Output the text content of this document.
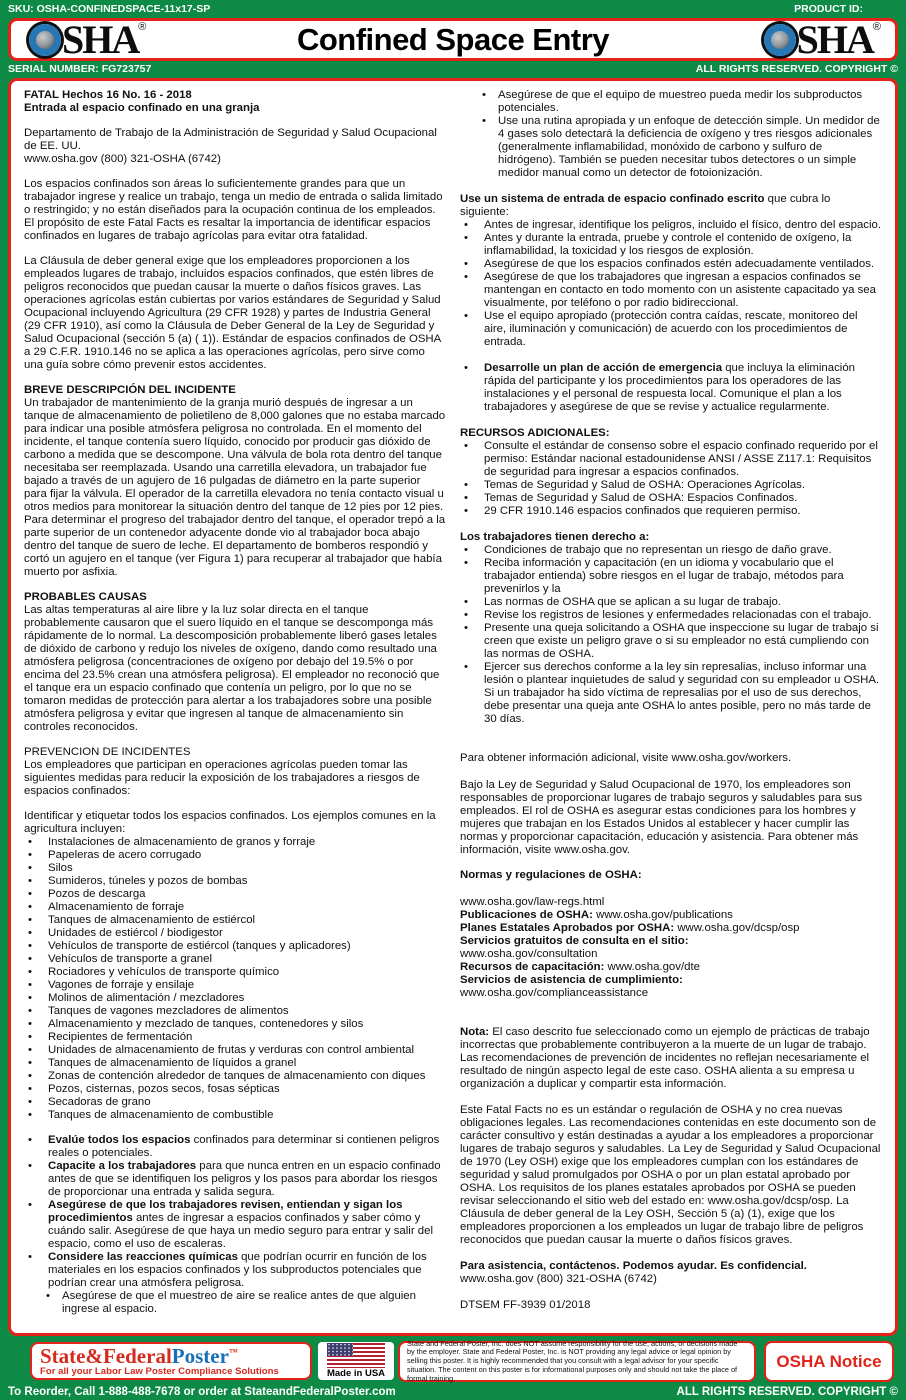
SKU: OSHA-CONFINEDSPACE-11x17-SP	PRODUCT ID:
SHA ®	Confined Space Entry	SHA ®
SERIAL NUMBER: FG723757	ALL RIGHTS RESERVED. COPYRIGHT ©
FATAL Hechos 16 No. 16 - 2018
Entrada al espacio confinado en una granja
Departamento de Trabajo de la Administración de Seguridad y Salud Ocupacional de EE. UU.
www.osha.gov (800) 321-OSHA (6742)
Los espacios confinados son áreas lo suficientemente grandes para que un trabajador ingrese y realice un trabajo, tenga un medio de entrada o salida limitado o restringido; y no están diseñados para la ocupación continua de los empleados. El propósito de este Fatal Facts es resaltar la importancia de identificar espacios confinados en lugares de trabajo agrícolas para evitar otra fatalidad.
La Cláusula de deber general exige que los empleadores proporcionen a los empleados lugares de trabajo, incluidos espacios confinados, que estén libres de peligros reconocidos que puedan causar la muerte o daños físicos graves. Las operaciones agrícolas están cubiertas por varios estándares de Seguridad y Salud Ocupacional incluyendo Agricultura (29 CFR 1928) y partes de Industria General (29 CFR 1910), así como la Cláusula de Deber General de la Ley de Seguridad y Salud Ocupacional (sección 5 (a) ( 1)). Estándar de espacios confinados de OSHA a 29 C.F.R. 1910.146 no se aplica a las operaciones agrícolas, pero sirve como una guía sobre cómo prevenir estos accidentes.
BREVE DESCRIPCIÓN DEL INCIDENTE
Un trabajador de mantenimiento de la granja murió después de ingresar a un tanque de almacenamiento de polietileno de 8,000 galones que no estaba marcado para indicar una posible atmósfera peligrosa no controlada. En el momento del incidente, el tanque contenía suero líquido, conocido por producir gas dióxido de carbono a medida que se descompone. Una válvula de bola rota dentro del tanque necesitaba ser reemplazada. Usando una carretilla elevadora, un trabajador fue bajado a través de un agujero de 16 pulgadas de diámetro en la parte superior para fijar la válvula. El operador de la carretilla elevadora no tenía contacto visual u otros medios para monitorear la situación dentro del tanque de 12 pies por 12 pies. Para determinar el progreso del trabajador dentro del tanque, el operador trepó a la parte superior de un contenedor adyacente donde vio al trabajador boca abajo dentro del tanque de suero de leche. El departamento de bomberos respondió y cortó un agujero en el tanque (ver Figura 1) para recuperar al trabajador que había muerto por asfixia.
PROBABLES CAUSAS
Las altas temperaturas al aire libre y la luz solar directa en el tanque probablemente causaron que el suero líquido en el tanque se descomponga más rápidamente de lo normal. La descomposición probablemente liberó gases letales de dióxido de carbono y redujo los niveles de oxígeno, dando como resultado una atmósfera peligrosa (concentraciones de oxígeno por debajo del 19.5% o por encima del 23.5% crean una atmósfera peligrosa). El empleador no reconoció que el tanque era un espacio confinado que contenía un peligro, por lo que no se tomaron medidas de protección para alertar a los trabajadores sobre una posible atmósfera peligrosa y evitar que ingresen al tanque de almacenamiento sin controles reconocidos.
PREVENCION DE INCIDENTES
Los empleadores que participan en operaciones agrícolas pueden tomar las siguientes medidas para reducir la exposición de los trabajadores a riesgos de espacios confinados:
Identificar y etiquetar todos los espacios confinados. Los ejemplos comunes en la agricultura incluyen:
•	Instalaciones de almacenamiento de granos y forraje
•	Papeleras de acero corrugado
•	Silos
•	Sumideros, túneles y pozos de bombas
•	Pozos de descarga
•	Almacenamiento de forraje
•	Tanques de almacenamiento de estiércol
•	Unidades de estiércol / biodigestor
•	Vehículos de transporte de estiércol (tanques y aplicadores)
•	Vehículos de transporte a granel
•	Rociadores y vehículos de transporte químico
•	Vagones de forraje y ensilaje
•	Molinos de alimentación / mezcladores
•	Tanques de vagones mezcladores de alimentos
•	Almacenamiento y mezclado de tanques, contenedores y silos
•	Recipientes de fermentación
•	Unidades de almacenamiento de frutas y verduras con control ambiental
•	Tanques de almacenamiento de líquidos a granel
•	Zonas de contención alrededor de tanques de almacenamiento con diques
•	Pozos, cisternas, pozos secos, fosas sépticas
•	Secadoras de grano
•	Tanques de almacenamiento de combustible
•	Evalúe todos los espacios confinados para determinar si contienen peligros reales o potenciales.
•	Capacite a los trabajadores para que nunca entren en un espacio confinado antes de que se identifiquen los peligros y los pasos para abordar los riesgos de proporcionar una entrada y salida segura.
•	Asegúrese de que los trabajadores revisen, entiendan y sigan los procedimientos antes de ingresar a espacios confinados y saber cómo y cuándo salir. Asegúrese de que haya un medio seguro para entrar y salir del espacio, como el uso de escaleras.
•	Considere las reacciones químicas que podrían ocurrir en función de los materiales en los espacios confinados y los subproductos potenciales que podrían crear una atmósfera peligrosa.
•	Asegúrese de que el muestreo de aire se realice antes de que alguien ingrese al espacio.
•	Asegúrese de que el equipo de muestreo pueda medir los subproductos potenciales.
•	Use una rutina apropiada y un enfoque de detección simple. Un medidor de 4 gases solo detectará la deficiencia de oxígeno y tres riesgos adicionales (generalmente inflamabilidad, monóxido de carbono y sulfuro de hidrógeno). También se pueden necesitar tubos detectores o un simple medidor manual como un detector de fotoionización.
Use un sistema de entrada de espacio confinado escrito que cubra lo siguiente:
•	Antes de ingresar, identifique los peligros, incluido el físico, dentro del espacio.
•	Antes y durante la entrada, pruebe y controle el contenido de oxígeno, la inflamabilidad, la toxicidad y los riesgos de explosión.
•	Asegúrese de que los espacios confinados estén adecuadamente ventilados.
•	Asegúrese de que los trabajadores que ingresan a espacios confinados se mantengan en contacto en todo momento con un asistente capacitado ya sea visualmente, por teléfono o por radio bidireccional.
•	Use el equipo apropiado (protección contra caídas, rescate, monitoreo del aire, iluminación y comunicación) de acuerdo con los procedimientos de entrada.
•	Desarrolle un plan de acción de emergencia que incluya la eliminación rápida del participante y los procedimientos para los operadores de las instalaciones y el personal de respuesta local. Comunique el plan a los trabajadores y asegúrese de que se revise y actualice regularmente.
RECURSOS ADICIONALES:
•	Consulte el estándar de consenso sobre el espacio confinado requerido por el permiso: Estándar nacional estadounidense ANSI / ASSE Z117.1: Requisitos de seguridad para ingresar a espacios confinados.
•	Temas de Seguridad y Salud de OSHA: Operaciones Agrícolas.
•	Temas de Seguridad y Salud de OSHA: Espacios Confinados.
•	29 CFR 1910.146 espacios confinados que requieren permiso.
Los trabajadores tienen derecho a:
•	Condiciones de trabajo que no representan un riesgo de daño grave.
•	Reciba información y capacitación (en un idioma y vocabulario que el trabajador entienda) sobre riesgos en el lugar de trabajo, métodos para prevenirlos y la
•	Las normas de OSHA que se aplican a su lugar de trabajo.
•	Revise los registros de lesiones y enfermedades relacionadas con el trabajo.
•	Presente una queja solicitando a OSHA que inspeccione su lugar de trabajo si creen que existe un peligro grave o si su empleador no está cumpliendo con las normas de OSHA.
•	Ejercer sus derechos conforme a la ley sin represalias, incluso informar una lesión o plantear inquietudes de salud y seguridad con su empleador u OSHA. Si un trabajador ha sido víctima de represalias por el uso de sus derechos, debe presentar una queja ante OSHA lo antes posible, pero no más tarde de 30 días.
Para obtener información adicional, visite www.osha.gov/workers.
Bajo la Ley de Seguridad y Salud Ocupacional de 1970, los empleadores son responsables de proporcionar lugares de trabajo seguros y saludables para sus empleados. El rol de OSHA es asegurar estas condiciones para los hombres y mujeres que trabajan en los Estados Unidos al establecer y hacer cumplir las normas y proporcionar capacitación, educación y asistencia. Para obtener más información, visite www.osha.gov.
Normas y regulaciones de OSHA:
www.osha.gov/law-regs.html
Publicaciones de OSHA: www.osha.gov/publications
Planes Estatales Aprobados por OSHA: www.osha.gov/dcsp/osp
Servicios gratuitos de consulta en el sitio:
www.osha.gov/consultation
Recursos de capacitación: www.osha.gov/dte
Servicios de asistencia de cumplimiento:
www.osha.gov/complianceassistance
Nota: El caso descrito fue seleccionado como un ejemplo de prácticas de trabajo incorrectas que probablemente contribuyeron a la muerte de un lugar de trabajo. Las recomendaciones de prevención de incidentes no reflejan necesariamente el resultado de ningún aspecto legal de este caso. OSHA alienta a su empresa u organización a duplicar y compartir esta información.
Este Fatal Facts no es un estándar o regulación de OSHA y no crea nuevas obligaciones legales. Las recomendaciones contenidas en este documento son de carácter consultivo y están destinadas a ayudar a los empleadores a proporcionar lugares de trabajo seguros y saludables. La Ley de Seguridad y Salud Ocupacional de 1970 (Ley OSH) exige que los empleadores cumplan con los estándares de seguridad y salud promulgados por OSHA o por un plan estatal aprobado por OSHA. Los requisitos de los planes estatales aprobados por OSHA se pueden revisar seleccionando el sitio web del estado en: www.osha.gov/dcsp/osp. La Cláusula de deber general de la Ley OSH, Sección 5 (a) (1), exige que los empleadores proporcionen a los empleados un lugar de trabajo libre de peligros reconocidos que puedan causar la muerte o daños físicos graves.
Para asistencia, contáctenos. Podemos ayudar. Es confidencial.
www.osha.gov (800) 321-OSHA (6742)
DTSEM FF-3939 01/2018
State&FederalPoster™
For all your Labor Law Poster Compliance Solutions	Made in USA
State and Federal Poster, Inc. does NOT assume responsibility for the use, actions, or decisions made by the employer. State and Federal Poster, Inc. is NOT providing any legal advice or legal opinion by selling this poster. It is highly recommended that you consult with a legal advisor for your specific situation. The content on this poster is for informational purposes only and should not take the place of formal training.
OSHA Notice
To Reorder, Call 1-888-488-7678 or order at StateandFederalPoster.com	ALL RIGHTS RESERVED. COPYRIGHT ©
